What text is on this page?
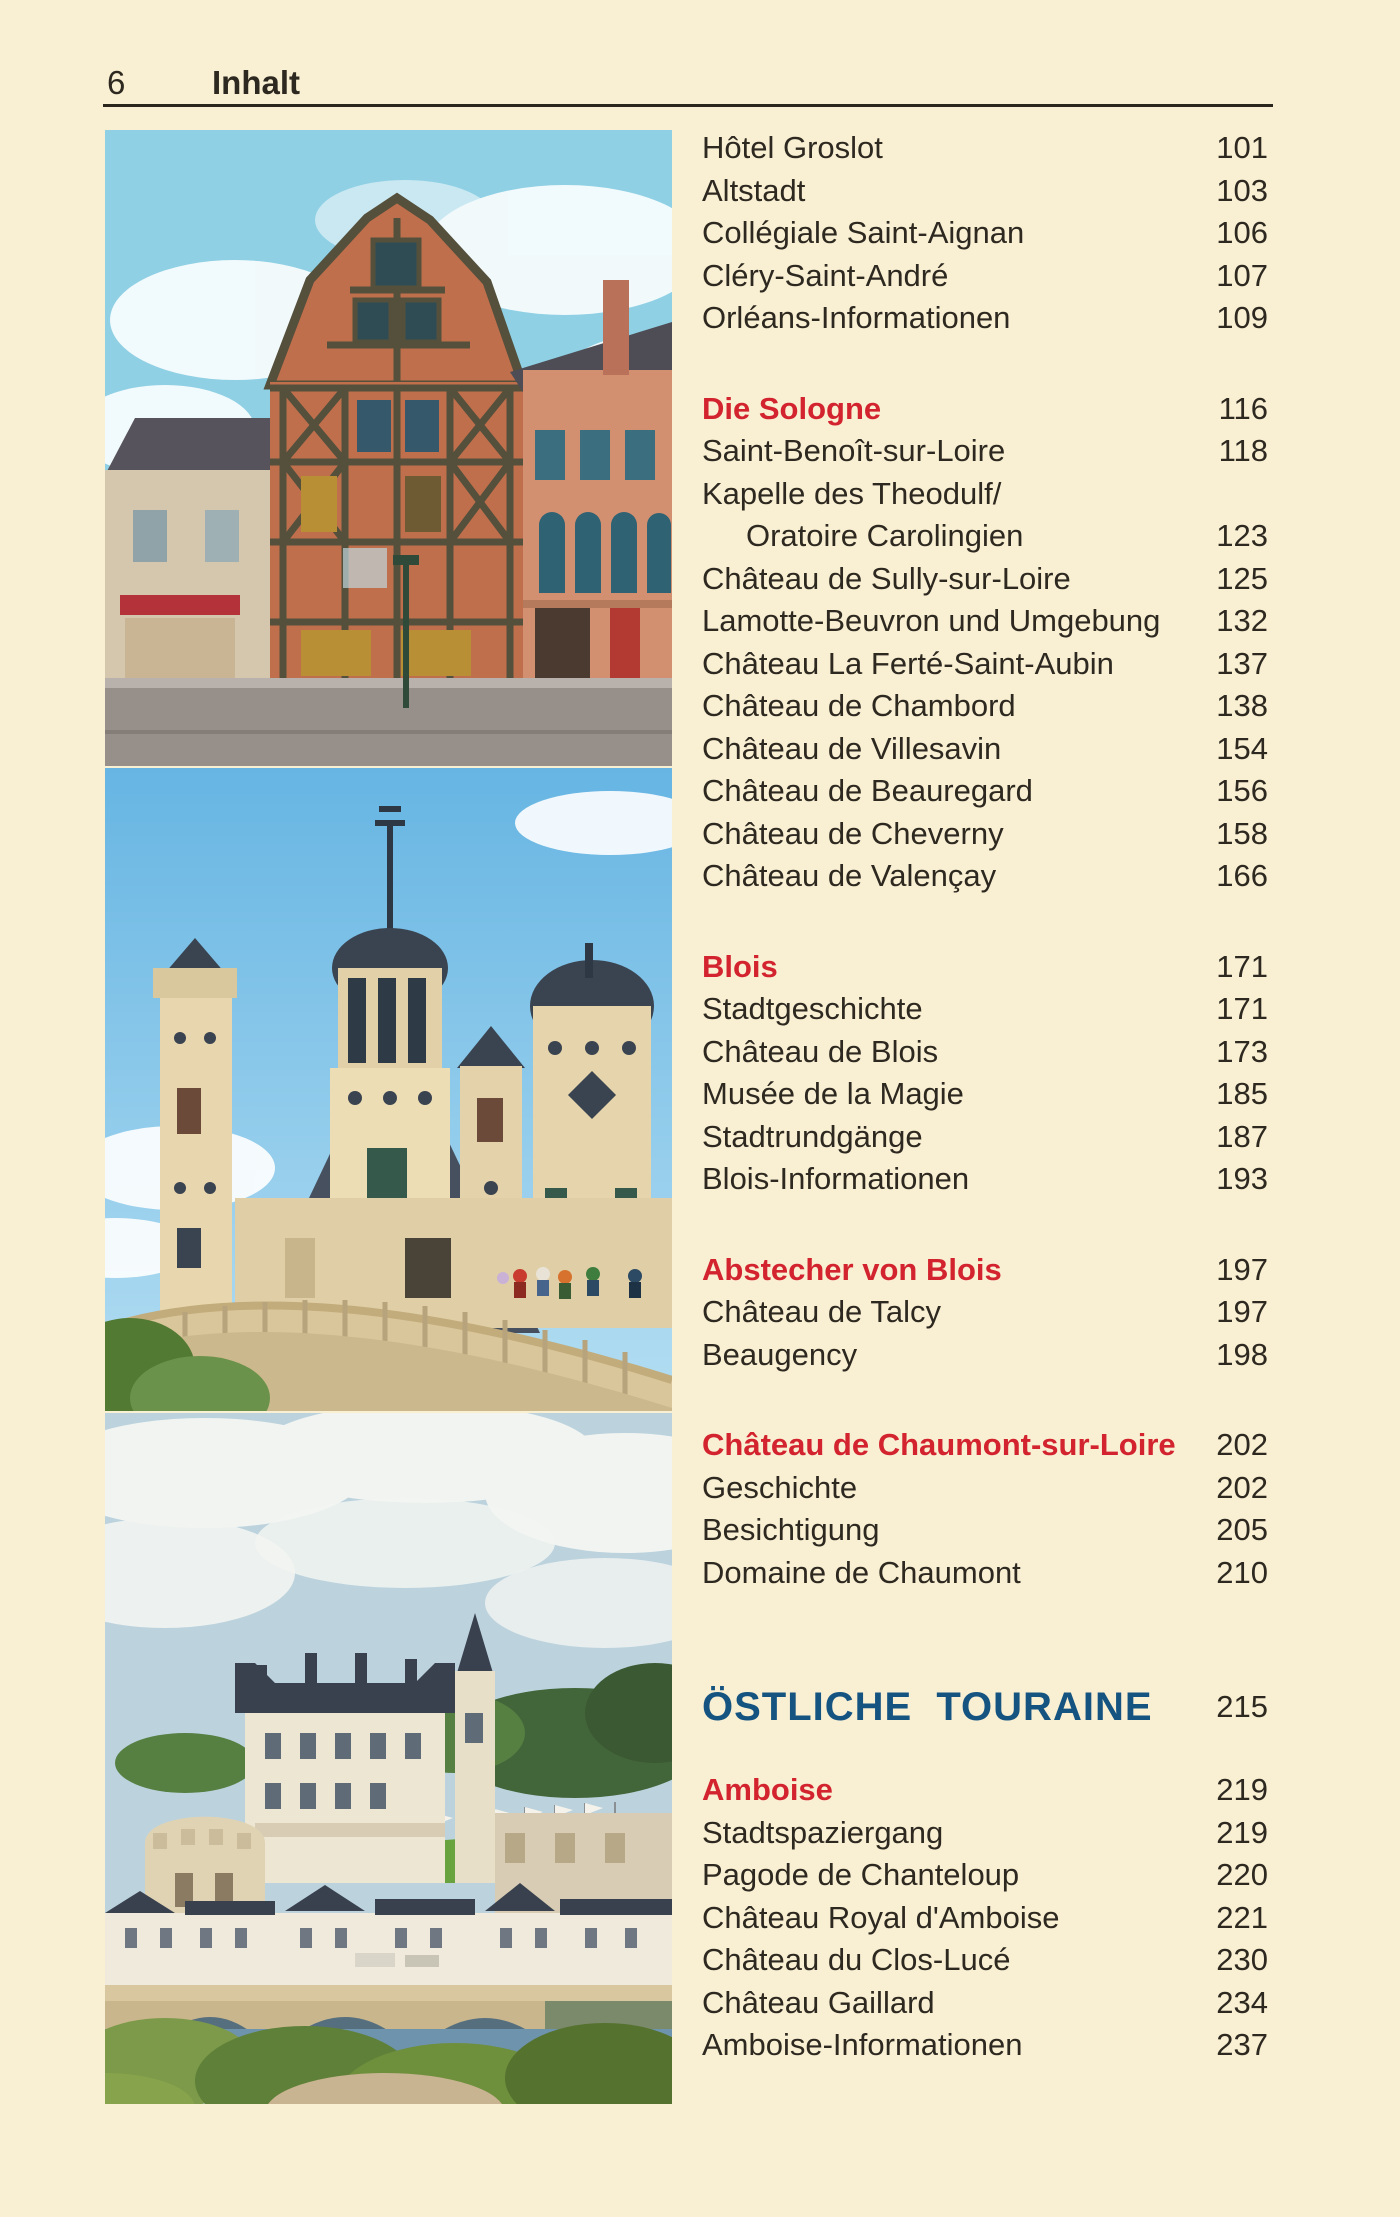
6	Inhalt
Hôtel Groslot	101
Altstadt	103
Collégiale Saint-Aignan	106
Cléry-Saint-André	107
Orléans-Informationen	109
Die Sologne	116
Saint-Benoît-sur-Loire	118
Kapelle des Theodulf/
Oratoire Carolingien	123
Château de Sully-sur-Loire	125
Lamotte-Beuvron und Umgebung 132
Château La Ferté-Saint-Aubin	137
Château de Chambord	138
Château de Villesavin	154
Château de Beauregard	156
Château de Cheverny	158
Château de Valençay	166
Blois	171
Stadtgeschichte	171
Château de Blois	173
Musée de la Magie	185
Stadtrundgänge	187
Blois-Informationen	193
Abstecher von Blois	197
Château de Talcy	197
Beaugency	198
Château de Chaumont-sur-Loire 202
Geschichte	202
Besichtigung	205
Domaine de Chaumont	210
ÖSTLICHE TOURAINE 215
Amboise	219
Stadtspaziergang	219
Pagode de Chanteloup	220
Château Royal d'Amboise	221
Château du Clos-Lucé	230
Château Gaillard	234
Amboise-Informationen	237
